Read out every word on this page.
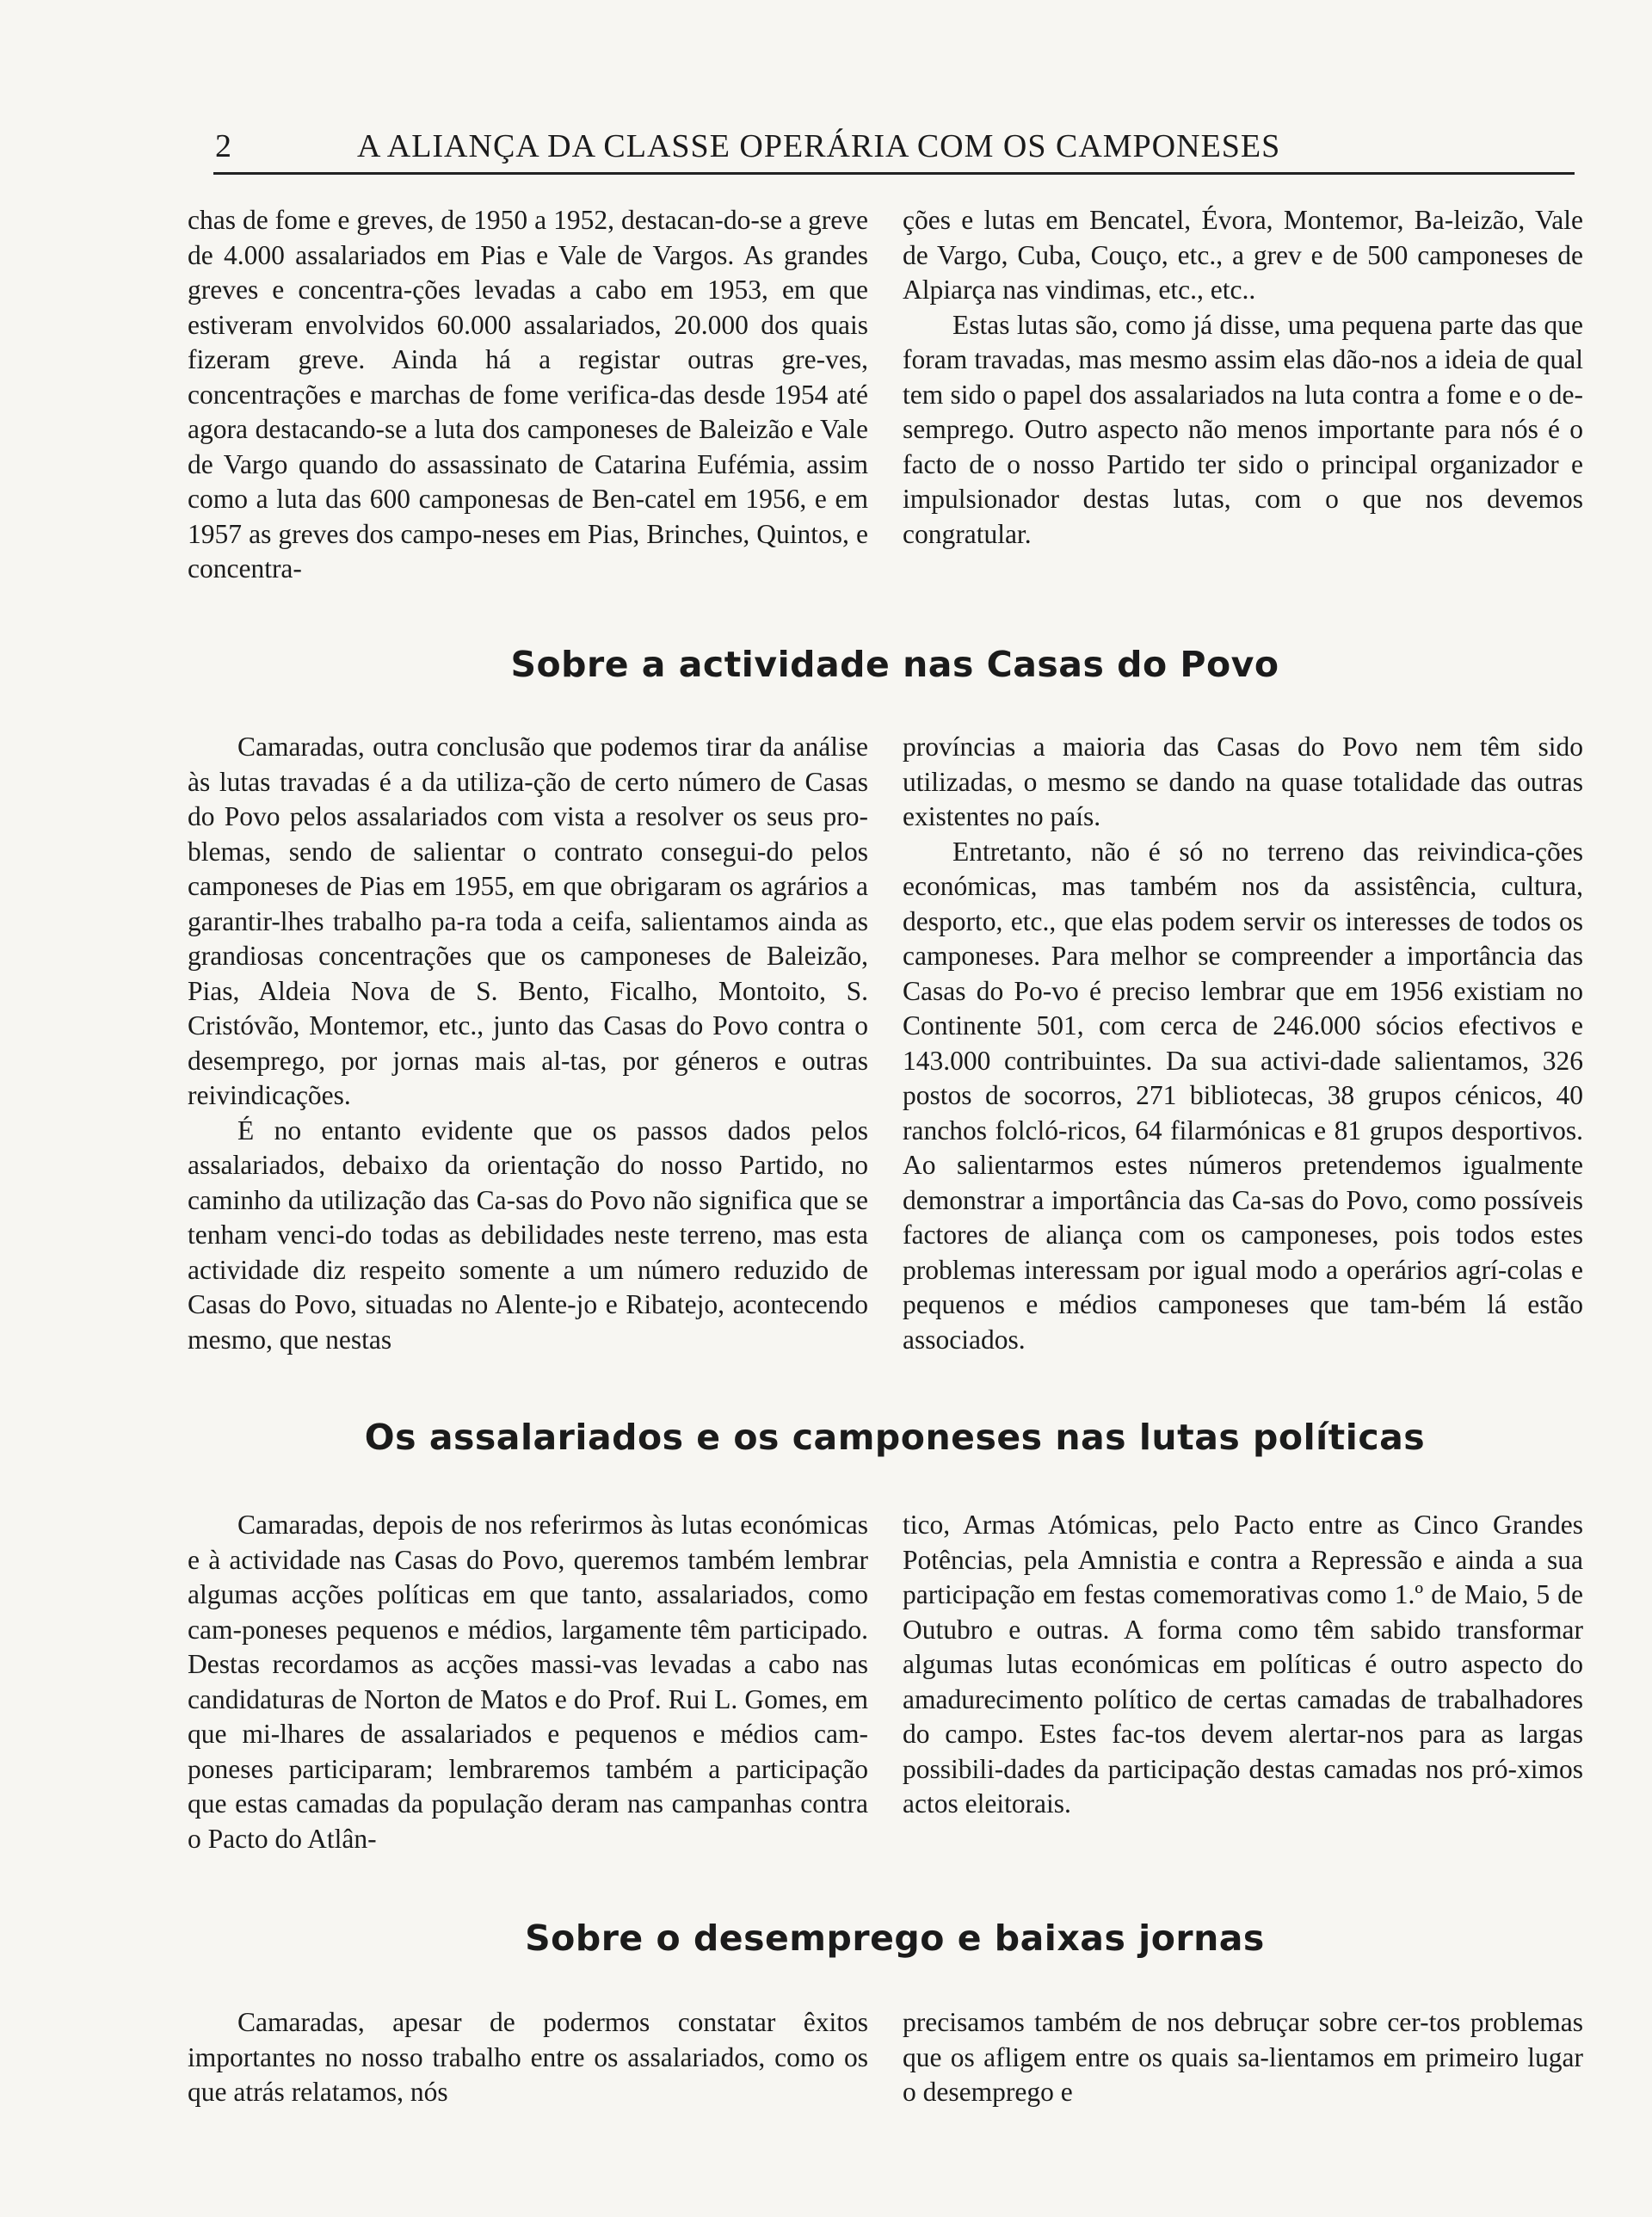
2	A ALIANÇA DA CLASSE OPERÁRIA COM OS CAMPONESES

chas de fome e greves, de 1950 a 1952, destacan-do-se a greve de 4.000 assalariados em Pias e Vale de Vargos. As grandes greves e concentra-ções levadas a cabo em 1953, em que estiveram envolvidos 60.000 assalariados, 20.000 dos quais fizeram greve. Ainda há a registar outras gre-ves, concentrações e marchas de fome verifica-das desde 1954 até agora destacando-se a luta dos camponeses de Baleizão e Vale de Vargo quando do assassinato de Catarina Eufémia, assim como a luta das 600 camponesas de Ben-catel em 1956, e em 1957 as greves dos campo-neses em Pias, Brinches, Quintos, e concentra-

ções e lutas em Bencatel, Évora, Montemor, Ba-leizão, Vale de Vargo, Cuba, Couço, etc., a grev e de 500 camponeses de Alpiarça nas vindimas, etc., etc..

Estas lutas são, como já disse, uma pequena parte das que foram travadas, mas mesmo assim elas dão-nos a ideia de qual tem sido o papel dos assalariados na luta contra a fome e o de-semprego. Outro aspecto não menos importante para nós é o facto de o nosso Partido ter sido o principal organizador e impulsionador destas lutas, com o que nos devemos congratular.

Sobre a actividade nas Casas do Povo

Camaradas, outra conclusão que podemos tirar da análise às lutas travadas é a da utiliza-ção de certo número de Casas do Povo pelos assalariados com vista a resolver os seus pro-blemas, sendo de salientar o contrato consegui-do pelos camponeses de Pias em 1955, em que obrigaram os agrários a garantir-lhes trabalho pa-ra toda a ceifa, salientamos ainda as grandiosas concentrações que os camponeses de Baleizão, Pias, Aldeia Nova de S. Bento, Ficalho, Montoito, S. Cristóvão, Montemor, etc., junto das Casas do Povo contra o desemprego, por jornas mais al-tas, por géneros e outras reivindicações.

É no entanto evidente que os passos dados pelos assalariados, debaixo da orientação do nosso Partido, no caminho da utilização das Ca-sas do Povo não significa que se tenham venci-do todas as debilidades neste terreno, mas esta actividade diz respeito somente a um número reduzido de Casas do Povo, situadas no Alente-jo e Ribatejo, acontecendo mesmo, que nestas

províncias a maioria das Casas do Povo nem têm sido utilizadas, o mesmo se dando na quase totalidade das outras existentes no país.

Entretanto, não é só no terreno das reivindica-ções económicas, mas também nos da assistência, cultura, desporto, etc., que elas podem servir os interesses de todos os camponeses. Para melhor se compreender a importância das Casas do Po-vo é preciso lembrar que em 1956 existiam no Continente 501, com cerca de 246.000 sócios efectivos e 143.000 contribuintes. Da sua activi-dade salientamos, 326 postos de socorros, 271 bibliotecas, 38 grupos cénicos, 40 ranchos folcló-ricos, 64 filarmónicas e 81 grupos desportivos. Ao salientarmos estes números pretendemos igualmente demonstrar a importância das Ca-sas do Povo, como possíveis factores de aliança com os camponeses, pois todos estes problemas interessam por igual modo a operários agrí-colas e pequenos e médios camponeses que tam-bém lá estão associados.

Os assalariados e os camponeses nas lutas políticas

Camaradas, depois de nos referirmos às lutas económicas e à actividade nas Casas do Povo, queremos também lembrar algumas acções políticas em que tanto, assalariados, como cam-poneses pequenos e médios, largamente têm participado. Destas recordamos as acções massi-vas levadas a cabo nas candidaturas de Norton de Matos e do Prof. Rui L. Gomes, em que mi-lhares de assalariados e pequenos e médios cam-poneses participaram; lembraremos também a participação que estas camadas da população deram nas campanhas contra o Pacto do Atlân-

tico, Armas Atómicas, pelo Pacto entre as Cinco Grandes Potências, pela Amnistia e contra a Repressão e ainda a sua participação em festas comemorativas como 1.º de Maio, 5 de Outubro e outras. A forma como têm sabido transformar algumas lutas económicas em políticas é outro aspecto do amadurecimento político de certas camadas de trabalhadores do campo. Estes fac-tos devem alertar-nos para as largas possibili-dades da participação destas camadas nos pró-ximos actos eleitorais.

Sobre o desemprego e baixas jornas

Camaradas, apesar de podermos constatar êxitos importantes no nosso trabalho entre os assalariados, como os que atrás relatamos, nós

precisamos também de nos debruçar sobre cer-tos problemas que os afligem entre os quais sa-lientamos em primeiro lugar o desemprego e
